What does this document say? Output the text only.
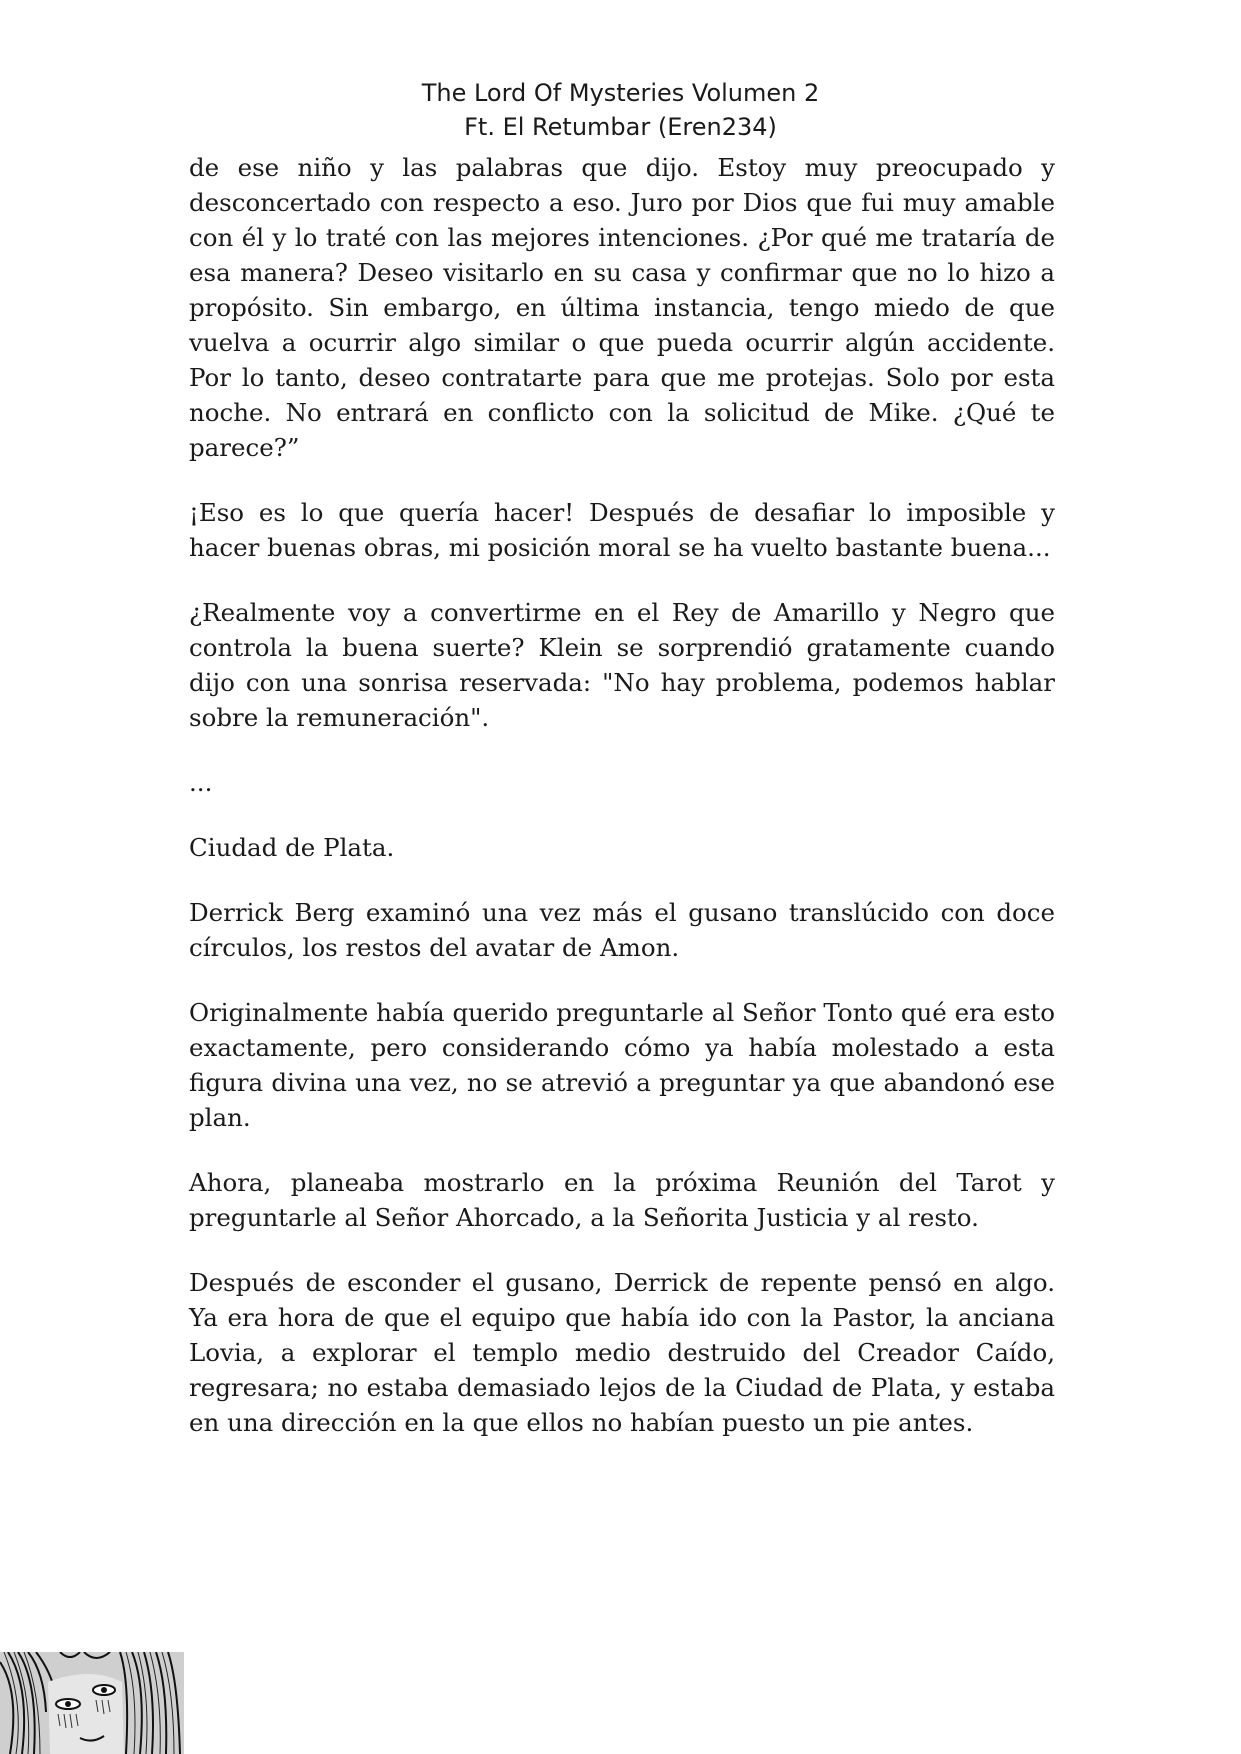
The Lord Of Mysteries Volumen 2
Ft. El Retumbar (Eren234)

de ese niño y las palabras que dijo. Estoy muy preocupado y desconcertado con respecto a eso. Juro por Dios que fui muy amable con él y lo traté con las mejores intenciones. ¿Por qué me trataría de esa manera? Deseo visitarlo en su casa y confirmar que no lo hizo a propósito. Sin embargo, en última instancia, tengo miedo de que vuelva a ocurrir algo similar o que pueda ocurrir algún accidente. Por lo tanto, deseo contratarte para que me protejas. Solo por esta noche. No entrará en conflicto con la solicitud de Mike. ¿Qué te parece?”

¡Eso es lo que quería hacer! Después de desafiar lo imposible y hacer buenas obras, mi posición moral se ha vuelto bastante buena...

¿Realmente voy a convertirme en el Rey de Amarillo y Negro que controla la buena suerte? Klein se sorprendió gratamente cuando dijo con una sonrisa reservada: "No hay problema, podemos hablar sobre la remuneración".

...

Ciudad de Plata.

Derrick Berg examinó una vez más el gusano translúcido con doce círculos, los restos del avatar de Amon.

Originalmente había querido preguntarle al Señor Tonto qué era esto exactamente, pero considerando cómo ya había molestado a esta figura divina una vez, no se atrevió a preguntar ya que abandonó ese plan.

Ahora, planeaba mostrarlo en la próxima Reunión del Tarot y preguntarle al Señor Ahorcado, a la Señorita Justicia y al resto.

Después de esconder el gusano, Derrick de repente pensó en algo. Ya era hora de que el equipo que había ido con la Pastor, la anciana Lovia, a explorar el templo medio destruido del Creador Caído, regresara; no estaba demasiado lejos de la Ciudad de Plata, y estaba en una dirección en la que ellos no habían puesto un pie antes.
